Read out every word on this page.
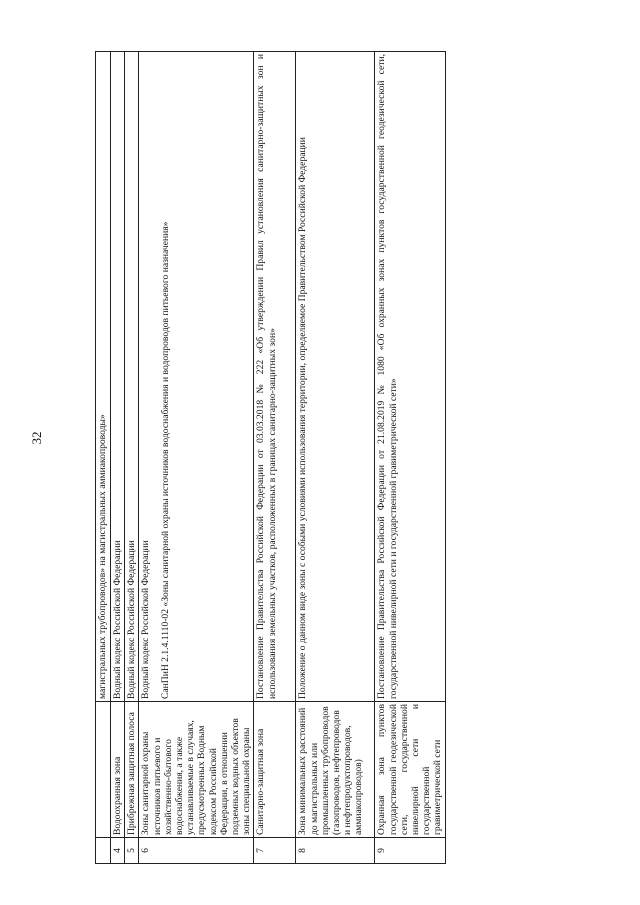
32
			магистральных трубопроводов» на магистральных аммиакопроводы»
4	Водоохранная зона	Водный кодекс Российской Федерации
5	Прибрежная защитная полоса	Водный кодекс Российской Федерации
6	Зоны санитарной охраны источников питьевого и хозяйственно-бытового водоснабжения, а также устанавливаемые в случаях, предусмотренных Водным кодексом Российской Федерации, в отношении подземных водных объектов зоны специальной охраны	Водный кодекс Российской Федерации СанПиН 2.1.4.1110-02 «Зоны санитарной охраны источников водоснабжения и водопроводов питьевого назначения»

7	Санитарно-защитная зона	Постановление Правительства Российской Федерации от 03.03.2018 № 222 «Об утверждении Правил установления санитарно-защитных зон и использования земельных участков, расположенных в границах санитарно-защитных зон»
8	Зона минимальных расстояний до магистральных или промышленных трубопроводов (газопроводов, нефтепроводов и нефтепродуктопроводов, аммиакопроводов)	Положение о данном виде зоны с особыми условиями использования территории, определяемое Правительством Российской Федерации
9	Охранная зона пунктов государственной геодезической сети, государственной нивелирной сети и государственной гравиметрической сети	Постановление Правительства Российской Федерации от 21.08.2019 № 1080 «Об охранных зонах пунктов государственной геодезической сети, государственной нивелирной сети и государственной гравиметрической сети»
